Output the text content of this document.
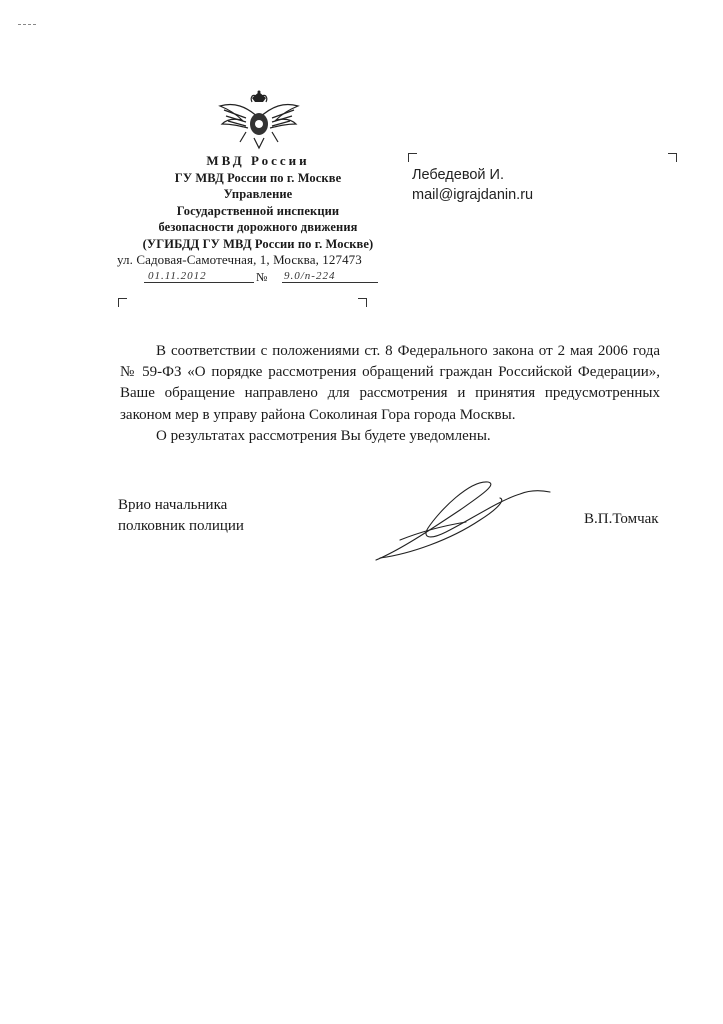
МВД России
ГУ МВД России по г. Москве
Управление
Государственной инспекции
безопасности дорожного движения
(УГИБДД ГУ МВД России по г. Москве)
ул. Садовая-Самотечная, 1, Москва, 127473
01.11.2012	№ 9.0/п-224
Лебедевой И.
mail@igrajdanin.ru

В соответствии с положениями ст. 8 Федерального закона от 2 мая 2006 года № 59-ФЗ «О порядке рассмотрения обращений граждан Российской Федерации», Ваше обращение направлено для рассмотрения и принятия предусмотренных законом мер в управу района Соколиная Гора города Москвы.

О результатах рассмотрения Вы будете уведомлены.

Врио начальника
полковник полиции	В.П.Томчак
